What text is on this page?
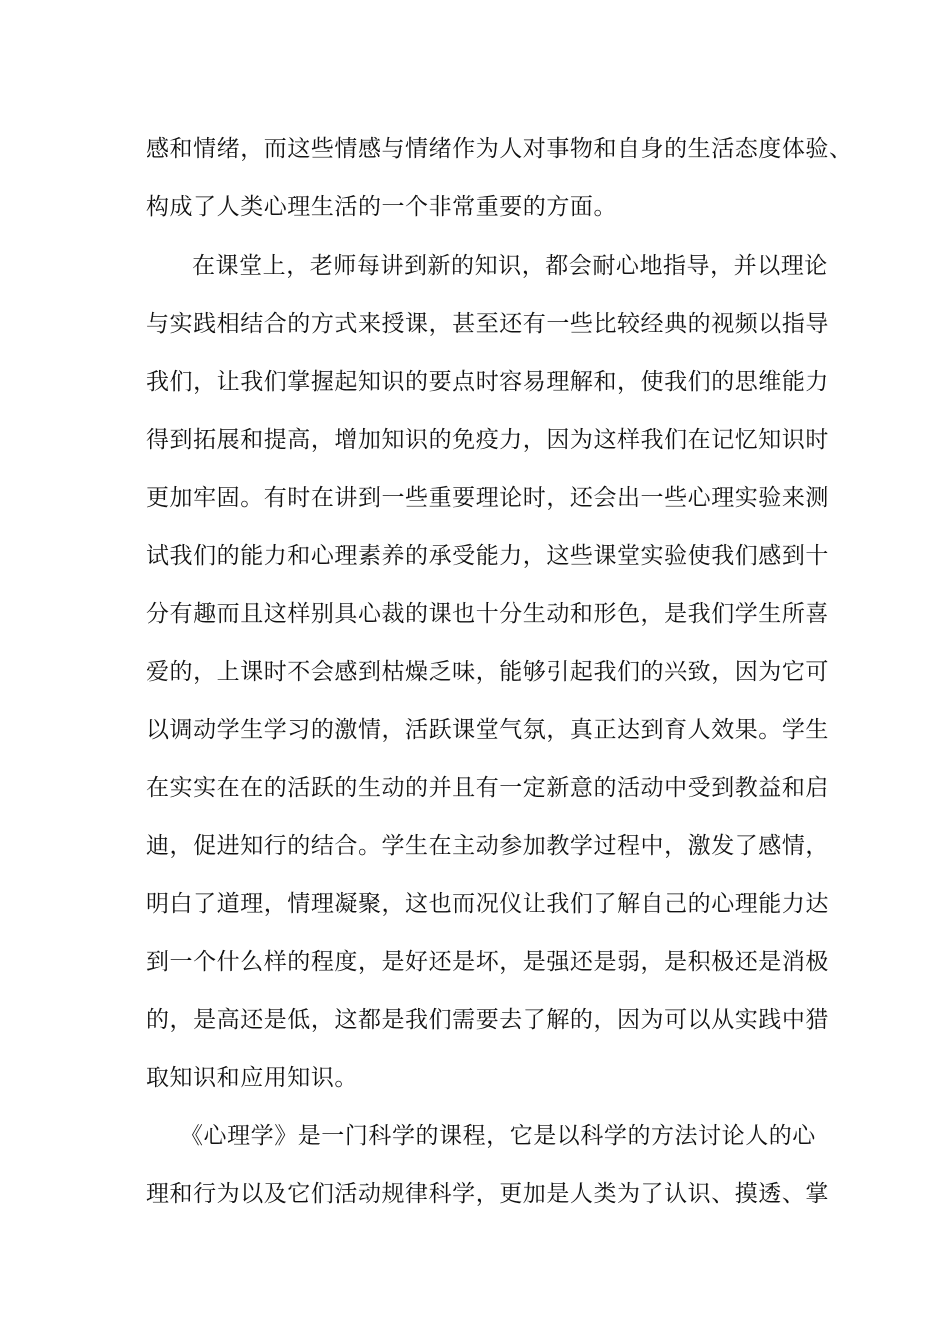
感和情绪，而这些情感与情绪作为人对事物和自身的生活态度体验、
构成了人类心理生活的一个非常重要的方面。
在课堂上，老师每讲到新的知识，都会耐心地指导，并以理论
与实践相结合的方式来授课，甚至还有一些比较经典的视频以指导
我们，让我们掌握起知识的要点时容易理解和，使我们的思维能力
得到拓展和提高，增加知识的免疫力，因为这样我们在记忆知识时
更加牢固。有时在讲到一些重要理论时，还会出一些心理实验来测
试我们的能力和心理素养的承受能力，这些课堂实验使我们感到十
分有趣而且这样别具心裁的课也十分生动和形色，是我们学生所喜
爱的，上课时不会感到枯燥乏味，能够引起我们的兴致，因为它可
以调动学生学习的激情，活跃课堂气氛，真正达到育人效果。学生
在实实在在的活跃的生动的并且有一定新意的活动中受到教益和启
迪，促进知行的结合。学生在主动参加教学过程中，激发了感情，
明白了道理，情理凝聚，这也而况仪让我们了解自己的心理能力达
到一个什么样的程度，是好还是坏，是强还是弱，是积极还是消极
的，是高还是低，这都是我们需要去了解的，因为可以从实践中猎
取知识和应用知识。
《心理学》是一门科学的课程，它是以科学的方法讨论人的心
理和行为以及它们活动规律科学，更加是人类为了认识、摸透、掌
